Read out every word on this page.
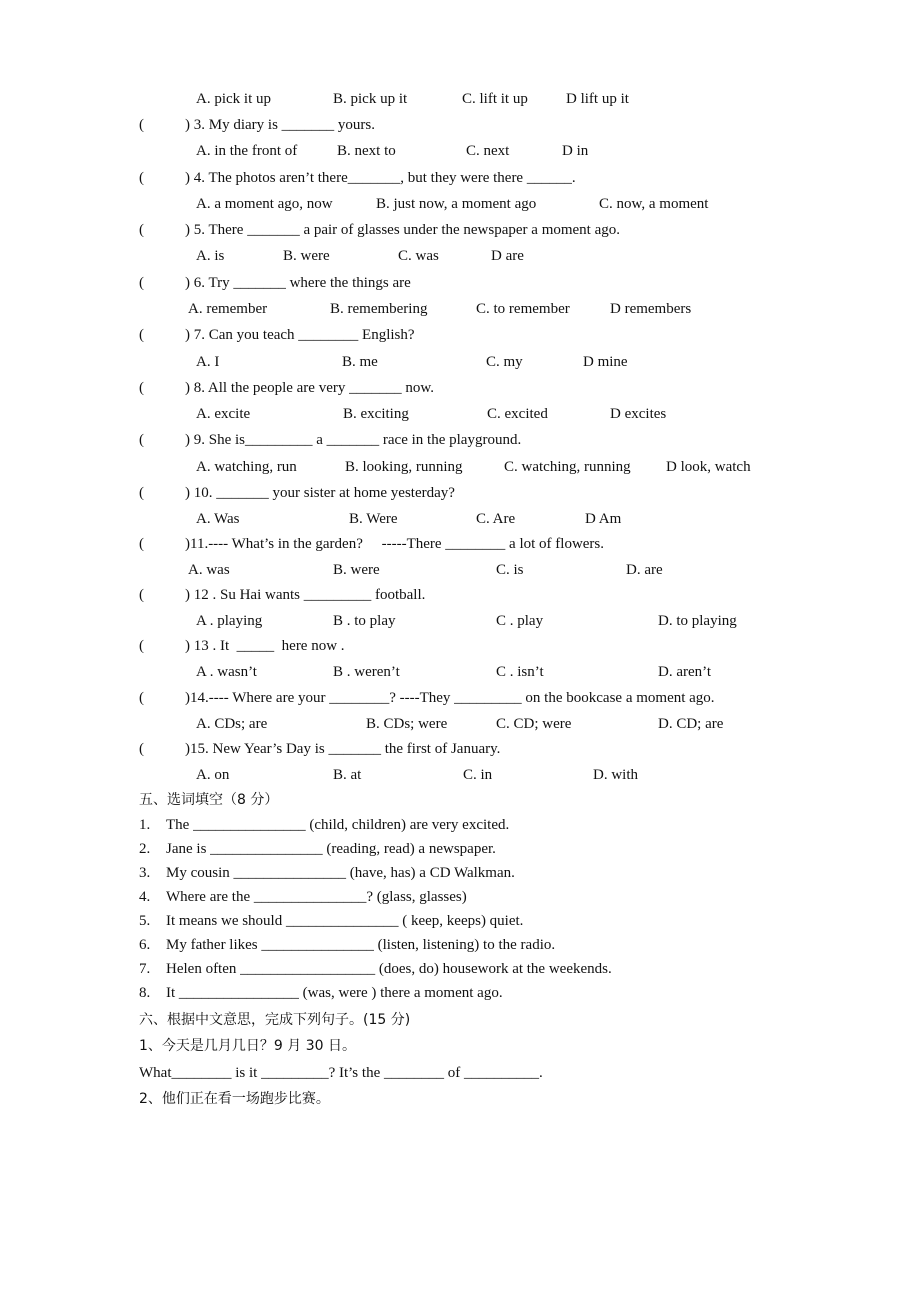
A. pick it up	B. pick up it	C. lift it up	D lift up it
(	) 3. My diary is _______ yours.
A. in the front of	B. next to	C. next	D in
(	) 4. The photos aren’t there_______, but they were there ______.
A. a moment ago, now	B. just now, a moment ago	C. now, a moment
(	) 5. There _______ a pair of glasses under the newspaper a moment ago.
A. is	B. were	C. was	D are
(	) 6. Try _______ where the things are
A. remember	B. remembering	C. to remember	D remembers
(	) 7. Can you teach ________ English?
A. I	B. me	C. my	D mine
(	) 8. All the people are very _______ now.
A. excite	B. exciting	C. excited	D excites
(	) 9. She is_________ a _______ race in the playground.
A. watching, run	B. looking, running	C. watching, running D look, watch
(	) 10. _______ your sister at home yesterday?
A. Was	B. Were	C. Are	D Am
(	)11.---- What’s in the garden?     -----There ________ a lot of flowers.
A. was	B. were	C. is	D. are
(	) 12 . Su Hai wants _________ football.
A . playing	B . to play	C . play	D. to playing
(	) 13 . It  _____  here now .
A . wasn’t	B . weren’t	C . isn’t	D. aren’t
(	)14.---- Where are your ________? ----They _________ on the bookcase a moment ago.
A. CDs; are	B. CDs; were	C. CD; were	D. CD; are
(	)15. New Year’s Day is _______ the first of January.
A. on	B. at	C. in	D. with
五、选词填空（8 分）
1. The _______________ (child, children) are very excited.
2. Jane is _______________ (reading, read) a newspaper.
3. My cousin _______________ (have, has) a CD Walkman.
4. Where are the _______________? (glass, glasses)
5. It means we should _______________ ( keep, keeps) quiet.
6. My father likes _______________ (listen, listening) to the radio.
7. Helen often __________________ (does, do) housework at the weekends.
8. It ________________ (was, were ) there a moment ago.
六、根据中文意思，完成下列句子。(15 分)
1、今天是几月几日？9 月 30 日。
What________ is it _________? It’s the ________ of __________.
2、他们正在看一场跑步比赛。
